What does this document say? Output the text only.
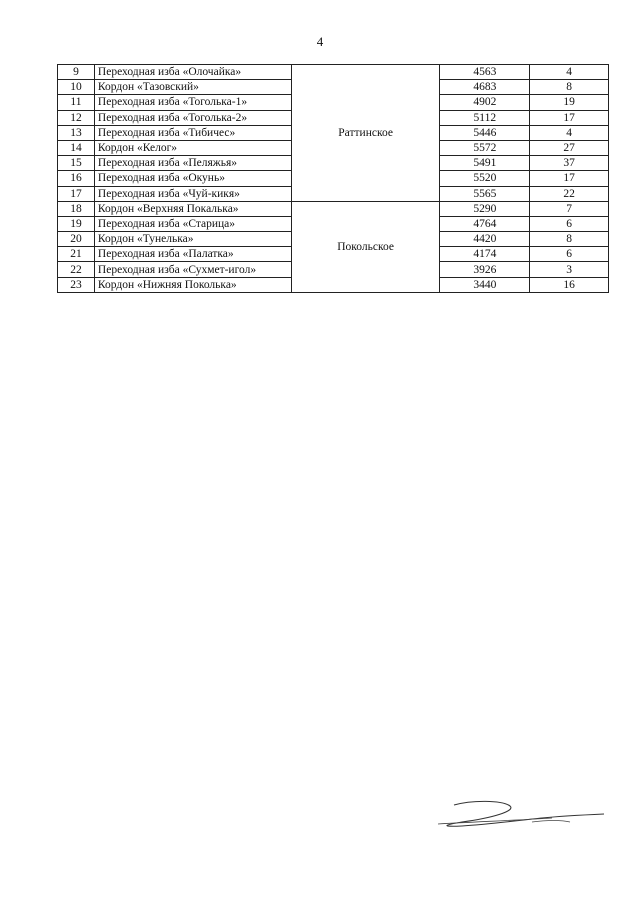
4
9	Переходная изба «Олочайка»	Раттинское	4563	4
10	Кордон «Тазовский»		4683	8
11	Переходная изба «Тоголька-1»		4902	19
12	Переходная изба «Тоголька-2»		5112	17
13	Переходная изба «Тибичес»		5446	4
14	Кордон «Келог»		5572	27
15	Переходная изба «Пеляжья»		5491	37
16	Переходная изба «Окунь»		5520	17
17	Переходная изба «Чуй-кикя»		5565	22
18	Кордон «Верхняя Покалька»	Покольское	5290	7
19	Переходная изба «Старица»		4764	6
20	Кордон «Тунелька»		4420	8
21	Переходная изба «Палатка»		4174	6
22	Переходная изба «Сухмет-игол»		3926	3
23	Кордон «Нижняя Поколька»		3440	16
